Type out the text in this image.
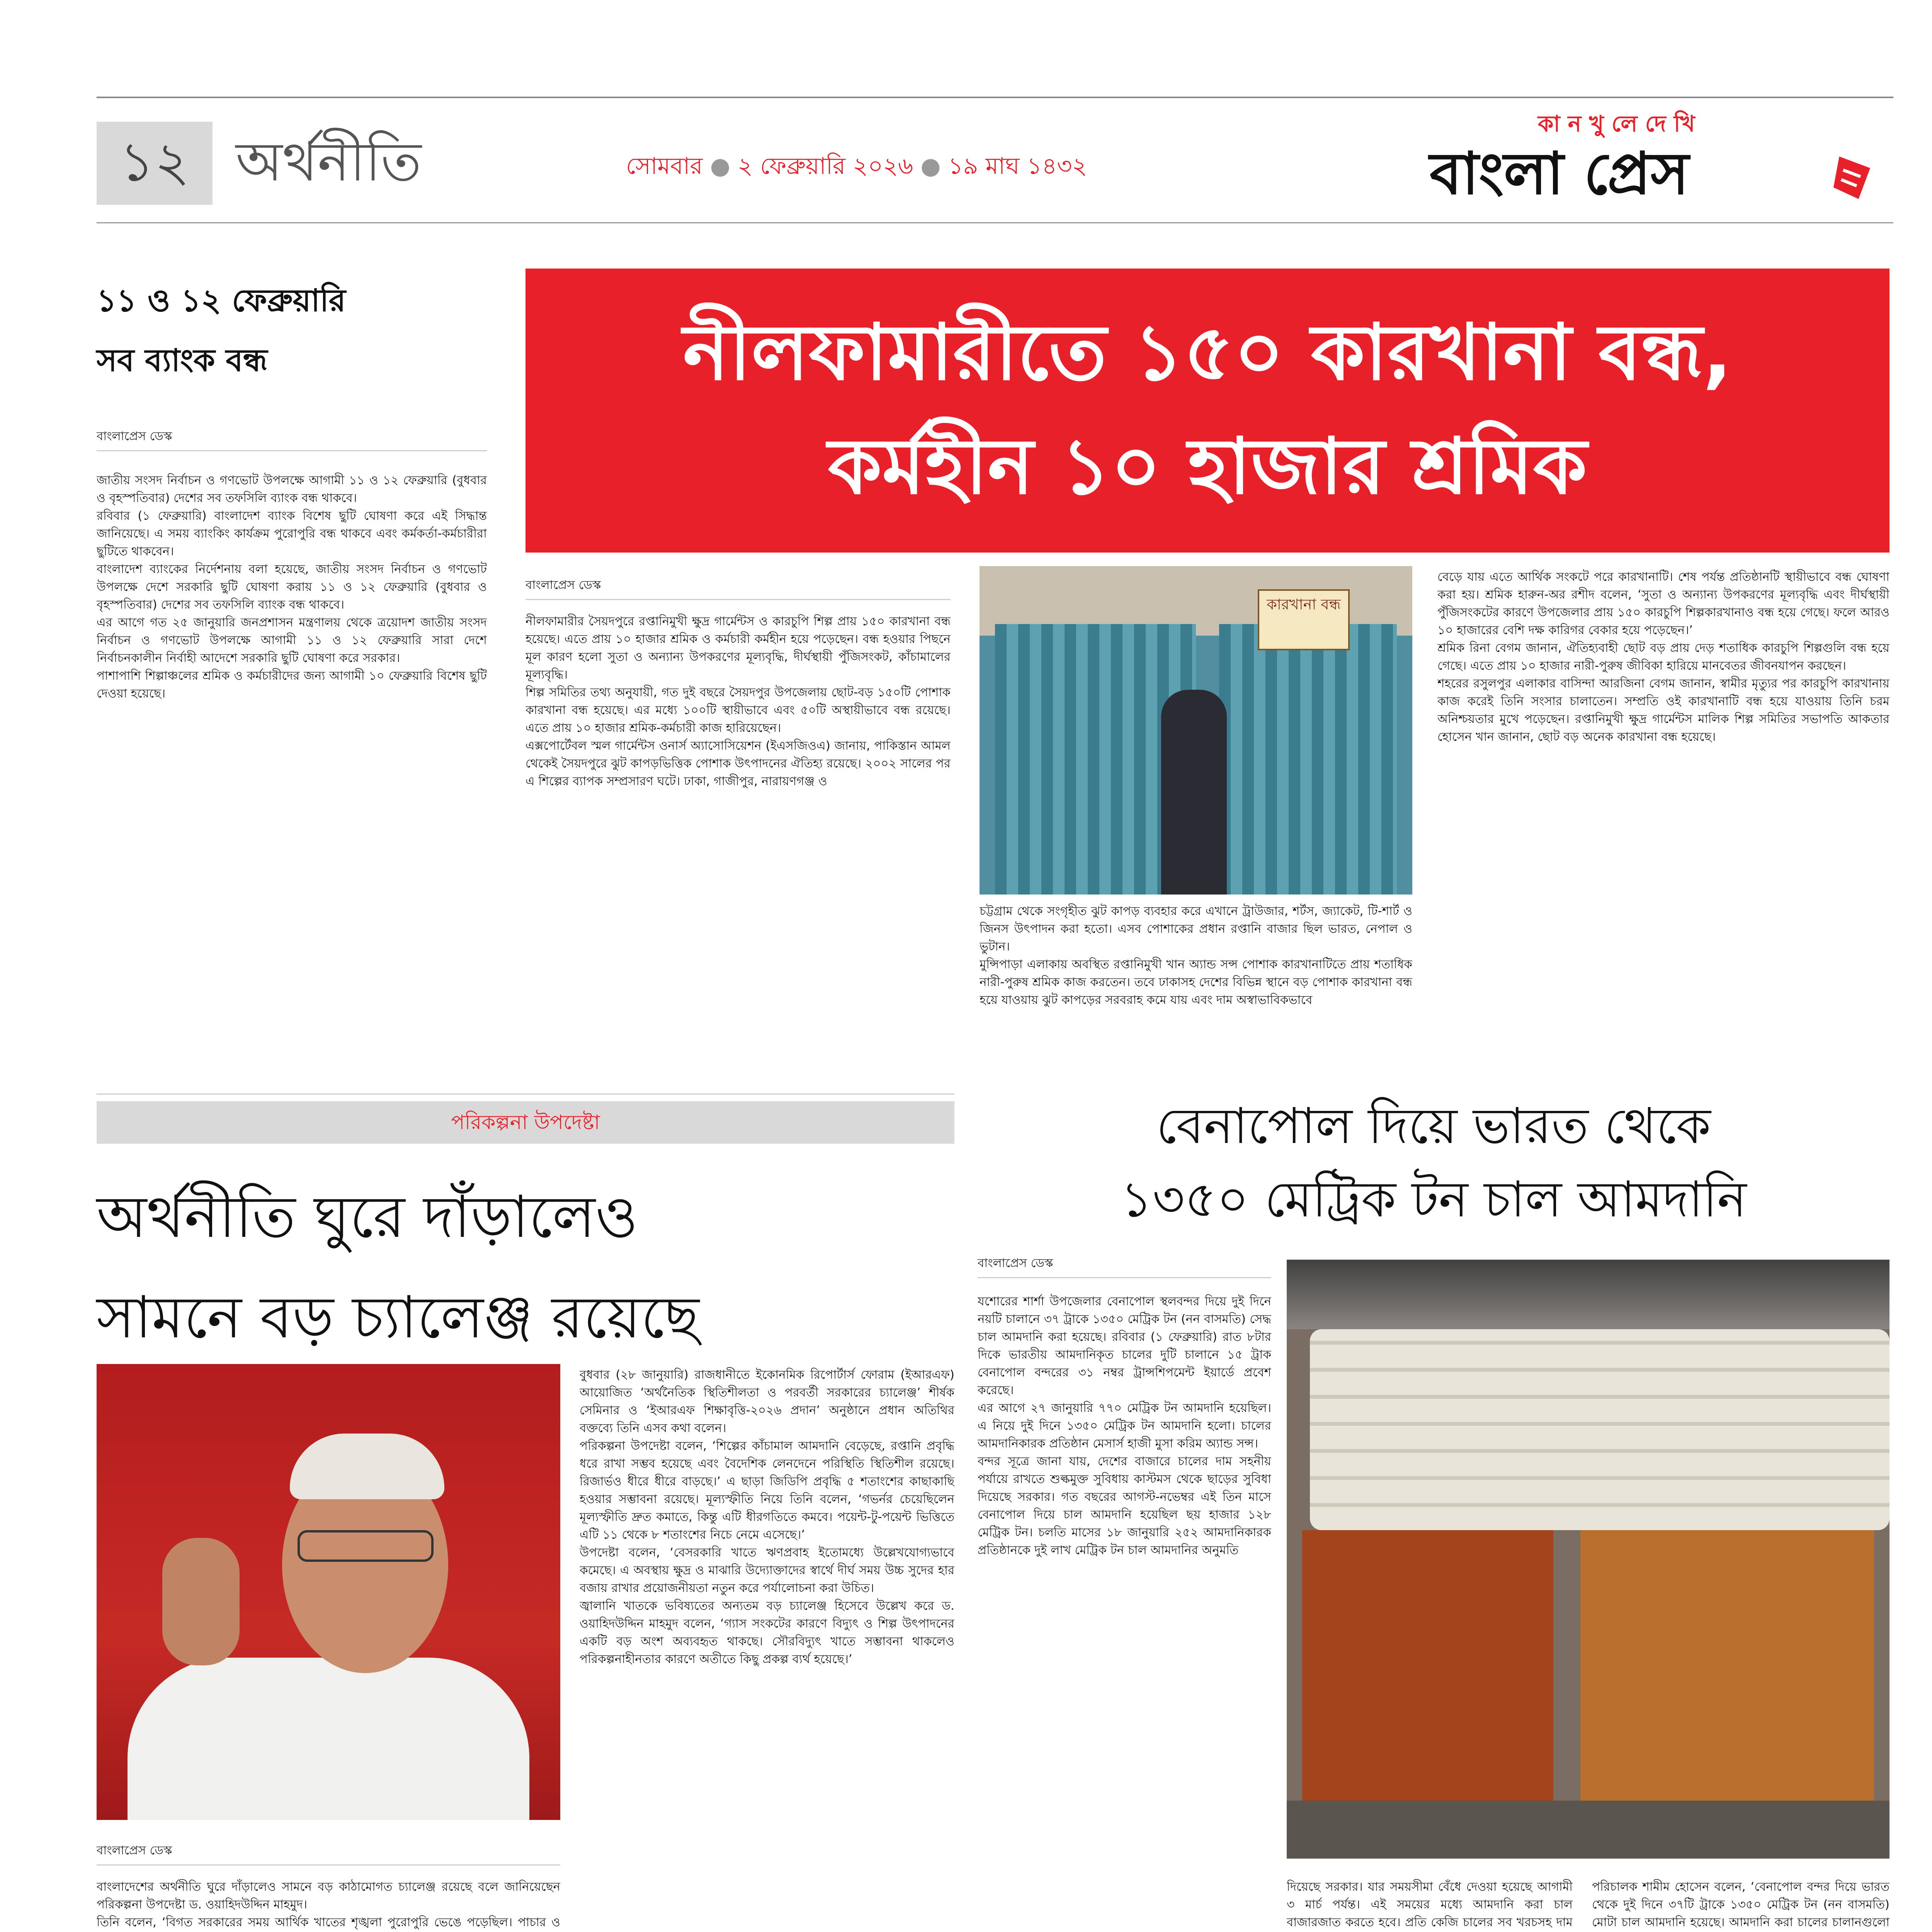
১২ অর্থনীতি	সোমবার ● ২ ফেব্রুয়ারি ২০২৬ ● ১৯ মাঘ ১৪৩২
কা ন খু লে দে খি
বাংলা প্রেস
১১ ও ১২ ফেব্রুয়ারি
সব ব্যাংক বন্ধ
বাংলাপ্রেস ডেস্ক

জাতীয় সংসদ নির্বাচন ও গণভোট উপলক্ষে আগামী ১১ ও ১২ ফেব্রুয়ারি (বুধবার ও বৃহস্পতিবার) দেশের সব তফসিলি ব্যাংক বন্ধ থাকবে।
রবিবার (১ ফেব্রুয়ারি) বাংলাদেশ ব্যাংক বিশেষ ছুটি ঘোষণা করে এই সিদ্ধান্ত জানিয়েছে। এ সময় ব্যাংকিং কার্যক্রম পুরোপুরি বন্ধ থাকবে এবং কর্মকর্তা-কর্মচারীরা ছুটিতে থাকবেন।
বাংলাদেশ ব্যাংকের নির্দেশনায় বলা হয়েছে, জাতীয় সংসদ নির্বাচন ও গণভোট উপলক্ষে দেশে সরকারি ছুটি ঘোষণা করায় ১১ ও ১২ ফেব্রুয়ারি (বুধবার ও বৃহস্পতিবার) দেশের সব তফসিলি ব্যাংক বন্ধ থাকবে।
এর আগে গত ২৫ জানুয়ারি জনপ্রশাসন মন্ত্রণালয় থেকে ত্রয়োদশ জাতীয় সংসদ নির্বাচন ও গণভোট উপলক্ষে আগামী ১১ ও ১২ ফেব্রুয়ারি সারা দেশে নির্বাচনকালীন নির্বাহী আদেশে সরকারি ছুটি ঘোষণা করে সরকার।
পাশাপাশি শিল্পাঞ্চলের শ্রমিক ও কর্মচারীদের জন্য আগামী ১০ ফেব্রুয়ারি বিশেষ ছুটি দেওয়া হয়েছে।

নীলফামারীতে ১৫০ কারখানা বন্ধ,
কর্মহীন ১০ হাজার শ্রমিক
বাংলাপ্রেস ডেস্ক

নীলফামারীর সৈয়দপুরে রপ্তানিমুখী ক্ষুদ্র গার্মেন্টস ও কারচুপি শিল্প প্রায় ১৫০ কারখানা বন্ধ হয়েছে। এতে প্রায় ১০ হাজার শ্রমিক ও কর্মচারী কর্মহীন হয়ে পড়েছেন। বন্ধ হওয়ার পিছনে মূল কারণ হলো সুতা ও অন্যান্য উপকরণের মূল্যবৃদ্ধি, দীর্ঘস্থায়ী পুঁজিসংকট, কাঁচামালের মূল্যবৃদ্ধি।
শিল্প সমিতির তথ্য অনুযায়ী, গত দুই বছরে সৈয়দপুর উপজেলায় ছোট-বড় ১৫০টি পোশাক কারখানা বন্ধ হয়েছে। এর মধ্যে ১০০টি স্থায়ীভাবে এবং ৫০টি অস্থায়ীভাবে বন্ধ রয়েছে। এতে প্রায় ১০ হাজার শ্রমিক-কর্মচারী কাজ হারিয়েছেন।
এক্সপোর্টেবল স্মল গার্মেন্টস ওনার্স অ্যাসোসিয়েশন (ইএসজিওএ) জানায়, পাকিস্তান আমল থেকেই সৈয়দপুরে ঝুট কাপড়ভিত্তিক পোশাক উৎপাদনের ঐতিহ্য রয়েছে। ২০০২ সালের পর এ শিল্পের ব্যাপক সম্প্রসারণ ঘটে। ঢাকা, গাজীপুর, নারায়ণগঞ্জ ও

কারখানা বন্ধ

চট্টগ্রাম থেকে সংগৃহীত ঝুট কাপড় ব্যবহার করে এখানে ট্রাউজার, শর্টস, জ্যাকেট, টি-শার্ট ও জিনস উৎপাদন করা হতো। এসব পোশাকের প্রধান রপ্তানি বাজার ছিল ভারত, নেপাল ও ভুটান।
মুন্সিপাড়া এলাকায় অবস্থিত রপ্তানিমুখী খান অ্যান্ড সন্স পোশাক কারখানাটিতে প্রায় শতাধিক নারী-পুরুষ শ্রমিক কাজ করতেন। তবে ঢাকাসহ দেশের বিভিন্ন স্থানে বড় পোশাক কারখানা বন্ধ হয়ে যাওয়ায় ঝুট কাপড়ের সরবরাহ কমে যায় এবং দাম অস্বাভাবিকভাবে

বেড়ে যায় এতে আর্থিক সংকটে পরে কারখানাটি। শেষ পর্যন্ত প্রতিষ্ঠানটি স্থায়ীভাবে বন্ধ ঘোষণা করা হয়। শ্রমিক হারুন-অর রশীদ বলেন, ‘সুতা ও অন্যান্য উপকরণের মূল্যবৃদ্ধি এবং দীর্ঘস্থায়ী পুঁজিসংকটের কারণে উপজেলার প্রায় ১৫০ কারচুপি শিল্পকারখানাও বন্ধ হয়ে গেছে। ফলে আরও ১০ হাজারের বেশি দক্ষ কারিগর বেকার হয়ে পড়েছেন।’
শ্রমিক রিনা বেগম জানান, ঐতিহ্যবাহী ছোট বড় প্রায় দেড় শতাধিক কারচুপি শিল্পগুলি বন্ধ হয়ে গেছে। এতে প্রায় ১০ হাজার নারী-পুরুষ জীবিকা হারিয়ে মানবেতর জীবনযাপন করছেন।
শহরের রসুলপুর এলাকার বাসিন্দা আরজিনা বেগম জানান, স্বামীর মৃত্যুর পর কারচুপি কারখানায় কাজ করেই তিনি সংসার চালাতেন। সম্প্রতি ওই কারখানাটি বন্ধ হয়ে যাওয়ায় তিনি চরম অনিশ্চয়তার মুখে পড়েছেন। রপ্তানিমুখী ক্ষুদ্র গার্মেন্টস মালিক শিল্প সমিতির সভাপতি আকতার হোসেন খান জানান, ছোট বড় অনেক কারখানা বন্ধ হয়েছে।

পরিকল্পনা উপদেষ্টা
অর্থনীতি ঘুরে দাঁড়ালেও
সামনে বড় চ্যালেঞ্জ রয়েছে
বাংলাপ্রেস ডেস্ক

বাংলাদেশের অর্থনীতি ঘুরে দাঁড়ালেও সামনে বড় কাঠামোগত চ্যালেঞ্জ রয়েছে বলে জানিয়েছেন পরিকল্পনা উপদেষ্টা ড. ওয়াহিদউদ্দিন মাহমুদ।
তিনি বলেন, ‘বিগত সরকারের সময় আর্থিক খাতের শৃঙ্খলা পুরোপুরি ভেঙে পড়েছিল। পাচার ও

বুধবার (২৮ জানুয়ারি) রাজধানীতে ইকোনমিক রিপোর্টার্স ফোরাম (ইআরএফ) আয়োজিত ‘অর্থনৈতিক স্থিতিশীলতা ও পরবর্তী সরকারের চ্যালেঞ্জ’ শীর্ষক সেমিনার ও ‘ইআরএফ শিক্ষাবৃত্তি-২০২৬ প্রদান’ অনুষ্ঠানে প্রধান অতিথির বক্তব্যে তিনি এসব কথা বলেন।
পরিকল্পনা উপদেষ্টা বলেন, ‘শিল্পের কাঁচামাল আমদানি বেড়েছে, রপ্তানি প্রবৃদ্ধি ধরে রাখা সম্ভব হয়েছে এবং বৈদেশিক লেনদেনে পরিস্থিতি স্থিতিশীল রয়েছে। রিজার্ভও ধীরে ধীরে বাড়ছে।’ এ ছাড়া জিডিপি প্রবৃদ্ধি ৫ শতাংশের কাছাকাছি হওয়ার সম্ভাবনা রয়েছে। মূল্যস্ফীতি নিয়ে তিনি বলেন, ‘গভর্নর চেয়েছিলেন মূল্যস্ফীতি দ্রুত কমাতে, কিন্তু এটি ধীরগতিতে কমবে। পয়েন্ট-টু-পয়েন্ট ভিত্তিতে এটি ১১ থেকে ৮ শতাংশের নিচে নেমে এসেছে।’
উপদেষ্টা বলেন, ‘বেসরকারি খাতে ঋণপ্রবাহ ইতোমধ্যে উল্লেখযোগ্যভাবে কমেছে। এ অবস্থায় ক্ষুদ্র ও মাঝারি উদ্যোক্তাদের স্বার্থে দীর্ঘ সময় উচ্চ সুদের হার বজায় রাখার প্রয়োজনীয়তা নতুন করে পর্যালোচনা করা উচিত।
জ্বালানি খাতকে ভবিষ্যতের অন্যতম বড় চ্যালেঞ্জ হিসেবে উল্লেখ করে ড. ওয়াহিদউদ্দিন মাহমুদ বলেন, ‘গ্যাস সংকটের কারণে বিদ্যুৎ ও শিল্প উৎপাদনের একটি বড় অংশ অব্যবহৃত থাকছে। সৌরবিদ্যুৎ খাতে সম্ভাবনা থাকলেও পরিকল্পনাহীনতার কারণে অতীতে কিছু প্রকল্প ব্যর্থ হয়েছে।’

বেনাপোল দিয়ে ভারত থেকে
১৩৫০ মেট্রিক টন চাল আমদানি
বাংলাপ্রেস ডেস্ক

যশোরের শার্শা উপজেলার বেনাপোল স্থলবন্দর দিয়ে দুই দিনে নয়টি চালানে ৩৭ ট্রাকে ১৩৫০ মেট্রিক টন (নন বাসমতি) সেদ্ধ চাল আমদানি করা হয়েছে। রবিবার (১ ফেব্রুয়ারি) রাত ৮টার দিকে ভারতীয় আমদানিকৃত চালের দুটি চালানে ১৫ ট্রাক বেনাপোল বন্দরের ৩১ নম্বর ট্রান্সশিপমেন্ট ইয়ার্ডে প্রবেশ করেছে।
এর আগে ২৭ জানুয়ারি ৭৭০ মেট্রিক টন আমদানি হয়েছিল। এ নিয়ে দুই দিনে ১৩৫০ মেট্রিক টন আমদানি হলো। চালের আমদানিকারক প্রতিষ্ঠান মেসার্স হাজী মুসা করিম অ্যান্ড সন্স।
বন্দর সূত্রে জানা যায়, দেশের বাজারে চালের দাম সহনীয় পর্যায়ে রাখতে শুল্কমুক্ত সুবিধায় কাস্টমস থেকে ছাড়ের সুবিধা দিয়েছে সরকার। গত বছরের আগস্ট-নভেম্বর এই তিন মাসে বেনাপোল দিয়ে চাল আমদানি হয়েছিল ছয় হাজার ১২৮ মেট্রিক টন। চলতি মাসের ১৮ জানুয়ারি ২৫২ আমদানিকারক প্রতিষ্ঠানকে দুই লাখ মেট্রিক টন চাল আমদানির অনুমতি

দিয়েছে সরকার। যার সময়সীমা বেঁধে দেওয়া হয়েছে আগামী ৩ মার্চ পর্যন্ত। এই সময়ের মধ্যে আমদানি করা চাল বাজারজাত করতে হবে। প্রতি কেজি চালের সব খরচসহ দাম

পরিচালক শামীম হোসেন বলেন, ‘বেনাপোল বন্দর দিয়ে ভারত থেকে দুই দিনে ৩৭টি ট্রাকে ১৩৫০ মেট্রিক টন (নন বাসমতি) মোটা চাল আমদানি হয়েছে। আমদানি করা চালের চালানগুলো
